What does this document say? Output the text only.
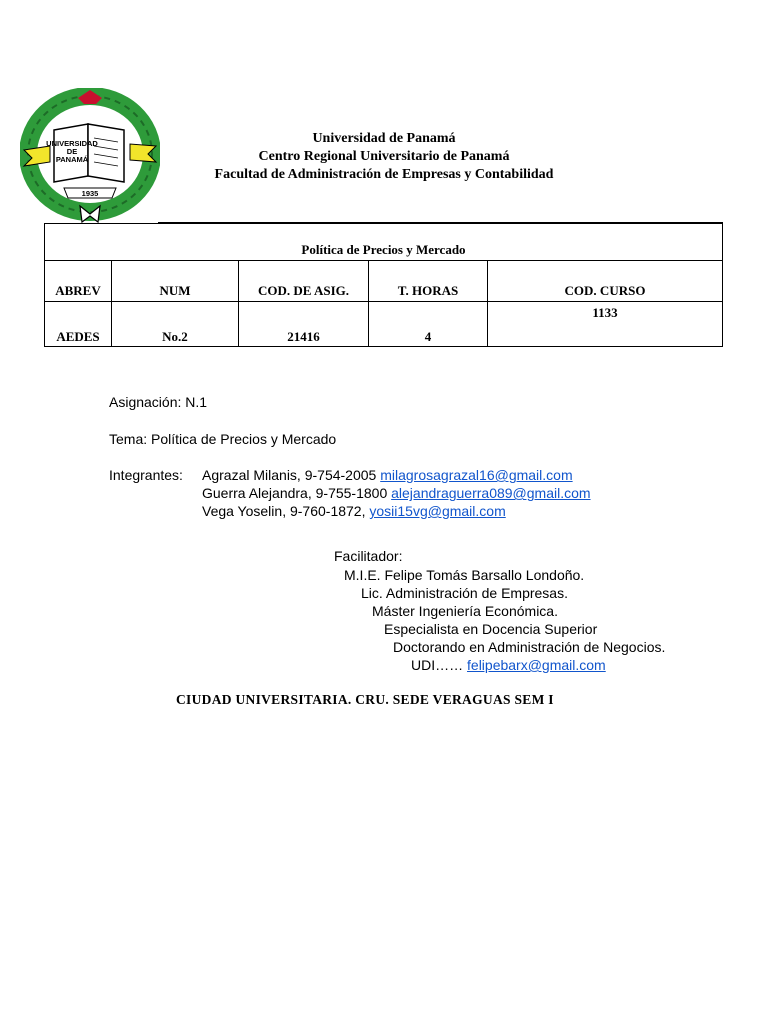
UNIVERSIDAD
DE
PANAMÁ
1935
Universidad de Panamá
Centro Regional Universitario de Panamá
Facultad de Administración de Empresas y Contabilidad
Política de Precios y Mercado				
ABREV	NUM	COD. DE ASIG.	T. HORAS	COD. CURSO
AEDES	No.2	21416	4	1133
Asignación: N.1
Tema: Política de Precios y Mercado
Integrantes: Agrazal Milanis, 9-754-2005 milagrosagrazal16@gmail.com
Guerra Alejandra, 9-755-1800 alejandraguerra089@gmail.com
Vega Yoselin, 9-760-1872, yosii15vg@gmail.com
Facilitador:
M.I.E. Felipe Tomás Barsallo Londoño.
Lic. Administración de Empresas.
Máster Ingeniería Económica.
Especialista en Docencia Superior
Doctorando en Administración de Negocios.
UDI…… felipebarx@gmail.com
CIUDAD UNIVERSITARIA. CRU. SEDE VERAGUAS SEM I
